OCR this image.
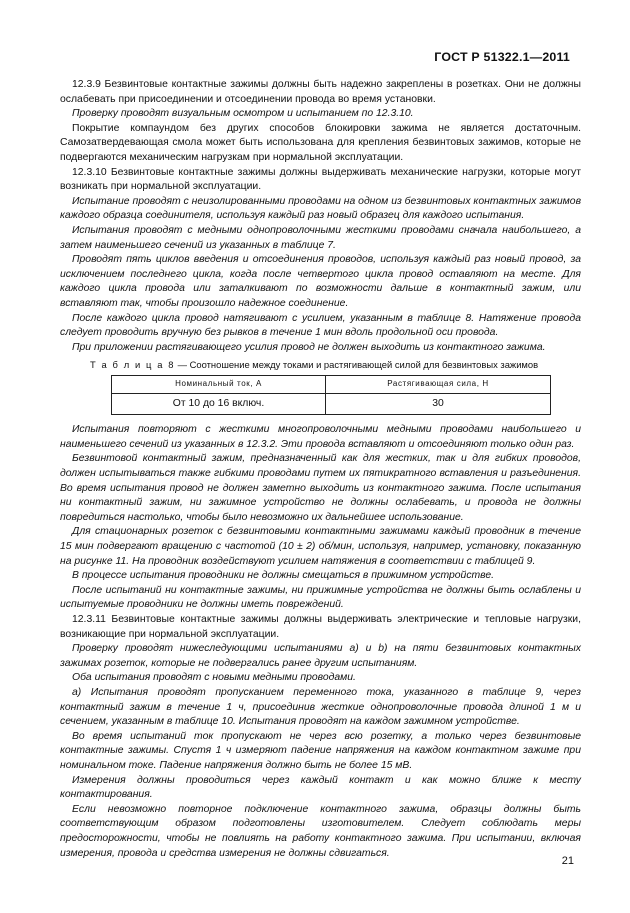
ГОСТ Р 51322.1—2011

12.3.9 Безвинтовые контактные зажимы должны быть надежно закреплены в розетках. Они не должны ослабевать при присоединении и отсоединении провода во время установки.

Проверку проводят визуальным осмотром и испытанием по 12.3.10.

Покрытие компаундом без других способов блокировки зажима не является достаточным. Самозатвердевающая смола может быть использована для крепления безвинтовых зажимов, которые не подвергаются механическим нагрузкам при нормальной эксплуатации.

12.3.10 Безвинтовые контактные зажимы должны выдерживать механические нагрузки, которые могут возникать при нормальной эксплуатации.

Испытание проводят с неизолированными проводами на одном из безвинтовых контактных зажимов каждого образца соединителя, используя каждый раз новый образец для каждого испытания.

Испытания проводят с медными однопроволочными жесткими проводами сначала наибольшего, а затем наименьшего сечений из указанных в таблице 7.

Проводят пять циклов введения и отсоединения проводов, используя каждый раз новый провод, за исключением последнего цикла, когда после четвертого цикла провод оставляют на месте. Для каждого цикла провода или заталкивают по возможности дальше в контактный зажим, или вставляют так, чтобы произошло надежное соединение.

После каждого цикла провод натягивают с усилием, указанным в таблице 8. Натяжение провода следует проводить вручную без рывков в течение 1 мин вдоль продольной оси провода.

При приложении растягивающего усилия провод не должен выходить из контактного зажима.

Т а б л и ц а 8 — Соотношение между токами и растягивающей силой для безвинтовых зажимов
Номинальный ток, А	Растягивающая сила, Н
От 10 до 16 включ.	30

Испытания повторяют с жесткими многопроволочными медными проводами наибольшего и наименьшего сечений из указанных в 12.3.2. Эти провода вставляют и отсоединяют только один раз.

Безвинтовой контактный зажим, предназначенный как для жестких, так и для гибких проводов, должен испытываться также гибкими проводами путем их пятикратного вставления и разъединения. Во время испытания провод не должен заметно выходить из контактного зажима. После испытания ни контактный зажим, ни зажимное устройство не должны ослабевать, и провода не должны повредиться настолько, чтобы было невозможно их дальнейшее использование.

Для стационарных розеток с безвинтовыми контактными зажимами каждый проводник в течение 15 мин подвергают вращению с частотой (10 ± 2) об/мин, используя, например, установку, показанную на рисунке 11. На проводник воздействуют усилием натяжения в соответствии с таблицей 9.

В процессе испытания проводники не должны смещаться в прижимном устройстве.

После испытаний ни контактные зажимы, ни прижимные устройства не должны быть ослаблены и испытуемые проводники не должны иметь повреждений.

12.3.11 Безвинтовые контактные зажимы должны выдерживать электрические и тепловые нагрузки, возникающие при нормальной эксплуатации.

Проверку проводят нижеследующими испытаниями a) и b) на пяти безвинтовых контактных зажимах розеток, которые не подвергались ранее другим испытаниям.

Оба испытания проводят с новыми медными проводами.

а) Испытания проводят пропусканием переменного тока, указанного в таблице 9, через контактный зажим в течение 1 ч, присоединив жесткие однопроволочные провода длиной 1 м и сечением, указанным в таблице 10. Испытания проводят на каждом зажимном устройстве.

Во время испытаний ток пропускают не через всю розетку, а только через безвинтовые контактные зажимы. Спустя 1 ч измеряют падение напряжения на каждом контактном зажиме при номинальном токе. Падение напряжения должно быть не более 15 мВ.

Измерения должны проводиться через каждый контакт и как можно ближе к месту контактирования.

Если невозможно повторное подключение контактного зажима, образцы должны быть соответствующим образом подготовлены изготовителем. Следует соблюдать меры предосторожности, чтобы не повлиять на работу контактного зажима. При испытании, включая измерения, провода и средства измерения не должны сдвигаться.

21
